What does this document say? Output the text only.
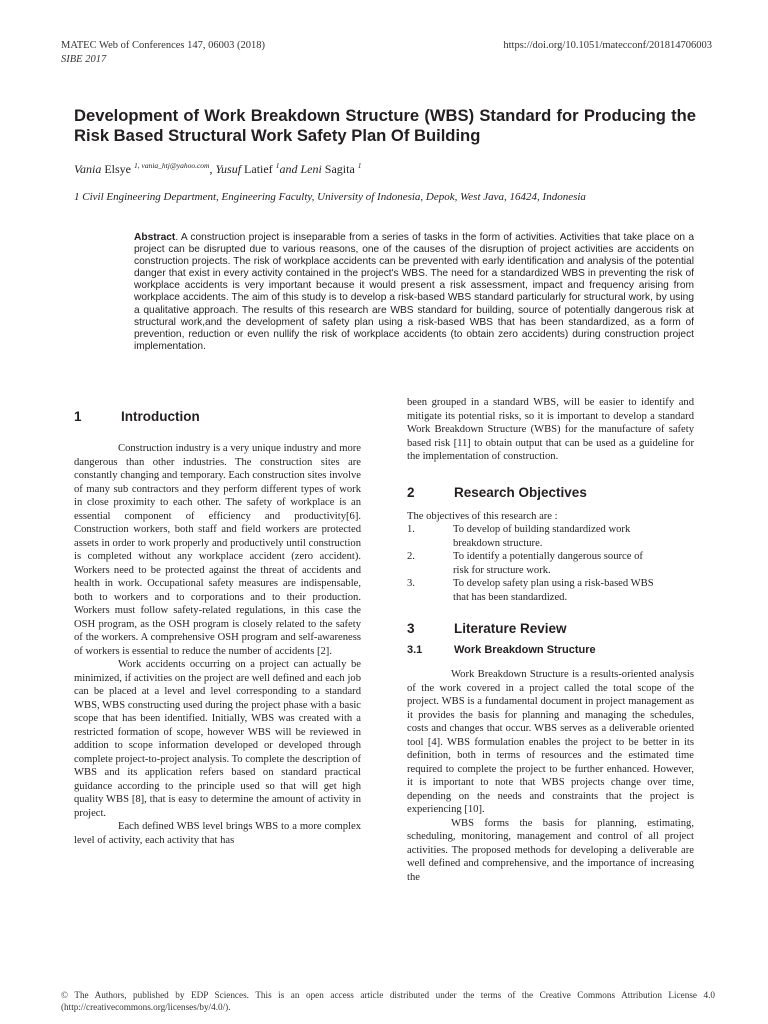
MATEC Web of Conferences 147, 06003 (2018)
SIBE 2017
https://doi.org/10.1051/matecconf/201814706003
Development of Work Breakdown Structure (WBS) Standard for Producing the Risk Based Structural Work Safety Plan Of Building
Vania Elsye $^{1,}$ $^{vania\_htj@yahoo.com}$, Yusuf Latief $^1$and Leni Sagita $^1$
1 Civil Engineering Department, Engineering Faculty, University of Indonesia, Depok, West Java, 16424, Indonesia
Abstract. A construction project is inseparable from a series of tasks in the form of activities. Activities that take place on a project can be disrupted due to various reasons, one of the causes of the disruption of project activities are accidents on construction projects. The risk of workplace accidents can be prevented with early identification and analysis of the potential danger that exist in every activity contained in the project's WBS. The need for a standardized WBS in preventing the risk of workplace accidents is very important because it would present a risk assessment, impact and frequency arising from workplace accidents. The aim of this study is to develop a risk-based WBS standard particularly for structural work, by using a qualitative approach. The results of this research are WBS standard for building, source of potentially dangerous risk at structural work,and the development of safety plan using a risk-based WBS that has been standardized, as a form of prevention, reduction or even nullify the risk of workplace accidents (to obtain zero accidents) during construction project implementation.
1	Introduction

Construction industry is a very unique industry and more dangerous than other industries. The construction sites are constantly changing and temporary. Each construction sites involve of many sub contractors and they perform different types of work in close proximity to each other. The safety of workplace is an essential component of efficiency and productivity[6]. Construction workers, both staff and field workers are protected assets in order to work properly and productively until construction is completed without any workplace accident (zero accident). Workers need to be protected against the threat of accidents and health in work. Occupational safety measures are indispensable, both to workers and to corporations and to their production. Workers must follow safety-related regulations, in this case the OSH program, as the OSH program is closely related to the safety of the workers. A comprehensive OSH program and self-awareness of workers is essential to reduce the number of accidents [2].

Work accidents occurring on a project can actually be minimized, if activities on the project are well defined and each job can be placed at a level and level corresponding to a standard WBS, WBS constructing used during the project phase with a basic scope that has been identified. Initially, WBS was created with a restricted formation of scope, however WBS will be reviewed in addition to scope information developed or developed through complete project-to-project analysis. To complete the description of WBS and its application refers based on standard practical guidance according to the principle used so that will get high quality WBS [8], that is easy to determine the amount of activity in project.

Each defined WBS level brings WBS to a more complex level of activity, each activity that has

been grouped in a standard WBS, will be easier to identify and mitigate its potential risks, so it is important to develop a standard Work Breakdown Structure (WBS) for the manufacture of safety based risk [11] to obtain output that can be used as a guideline for the implementation of construction.

2	Research Objectives

The objectives of this research are :

1.	To develop of building standardized work breakdown structure.
2.	To identify a potentially dangerous source of risk for structure work.
3.	To develop safety plan using a risk-based WBS that has been standardized.
3	Literature Review
3.1	Work Breakdown Structure

Work Breakdown Structure is a results-oriented analysis of the work covered in a project called the total scope of the project. WBS is a fundamental document in project management as it provides the basis for planning and managing the schedules, costs and changes that occur. WBS serves as a deliverable oriented tool [4]. WBS formulation enables the project to be better in its definition, both in terms of resources and the estimated time required to complete the project to be further enhanced. However, it is important to note that WBS projects change over time, depending on the needs and constraints that the project is experiencing [10].

WBS forms the basis for planning, estimating, scheduling, monitoring, management and control of all project activities. The proposed methods for developing a deliverable are well defined and comprehensive, and the importance of increasing the

© The Authors, published by EDP Sciences. This is an open access article distributed under the terms of the Creative Commons Attribution License 4.0 (http://creativecommons.org/licenses/by/4.0/).
